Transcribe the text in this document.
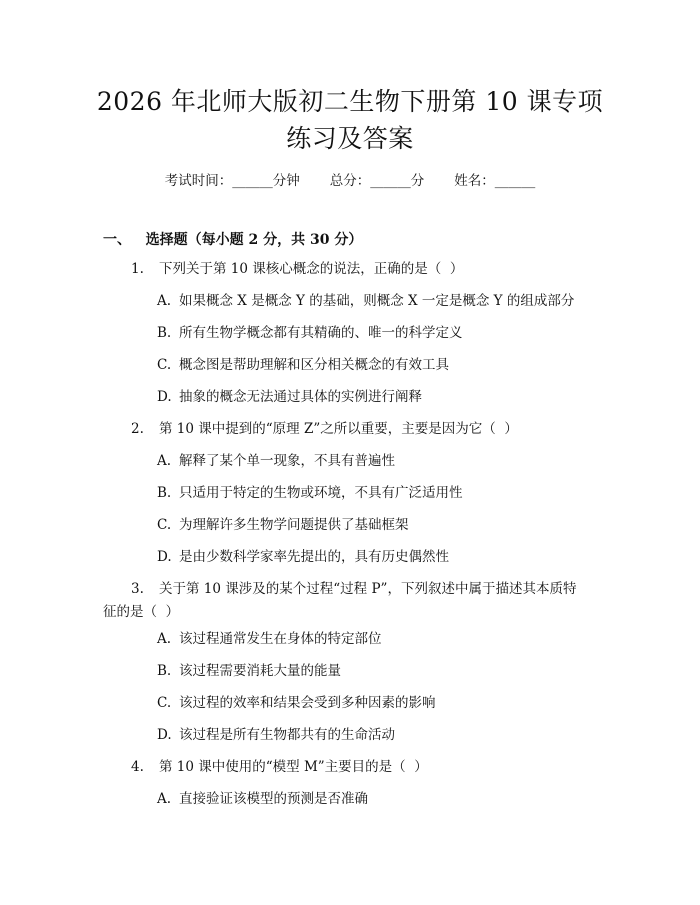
2026 年北师大版初二生物下册第 10 课专项
练习及答案
考试时间：______分钟 总分：______分 姓名：______
一、 选择题（每小题 2 分，共 30 分）
1. 下列关于第 10 课核心概念的说法，正确的是（  ）
A. 如果概念 X 是概念 Y 的基础，则概念 X 一定是概念 Y 的组成部分
B. 所有生物学概念都有其精确的、唯一的科学定义
C. 概念图是帮助理解和区分相关概念的有效工具
D. 抽象的概念无法通过具体的实例进行阐释
2. 第 10 课中提到的“原理 Z”之所以重要，主要是因为它（  ）
A. 解释了某个单一现象，不具有普遍性
B. 只适用于特定的生物或环境，不具有广泛适用性
C. 为理解许多生物学问题提供了基础框架
D. 是由少数科学家率先提出的，具有历史偶然性
3. 关于第 10 课涉及的某个过程“过程 P”，下列叙述中属于描述其本质特
征的是（  ）
A. 该过程通常发生在身体的特定部位
B. 该过程需要消耗大量的能量
C. 该过程的效率和结果会受到多种因素的影响
D. 该过程是所有生物都共有的生命活动
4. 第 10 课中使用的“模型 M”主要目的是（  ）
A. 直接验证该模型的预测是否准确
